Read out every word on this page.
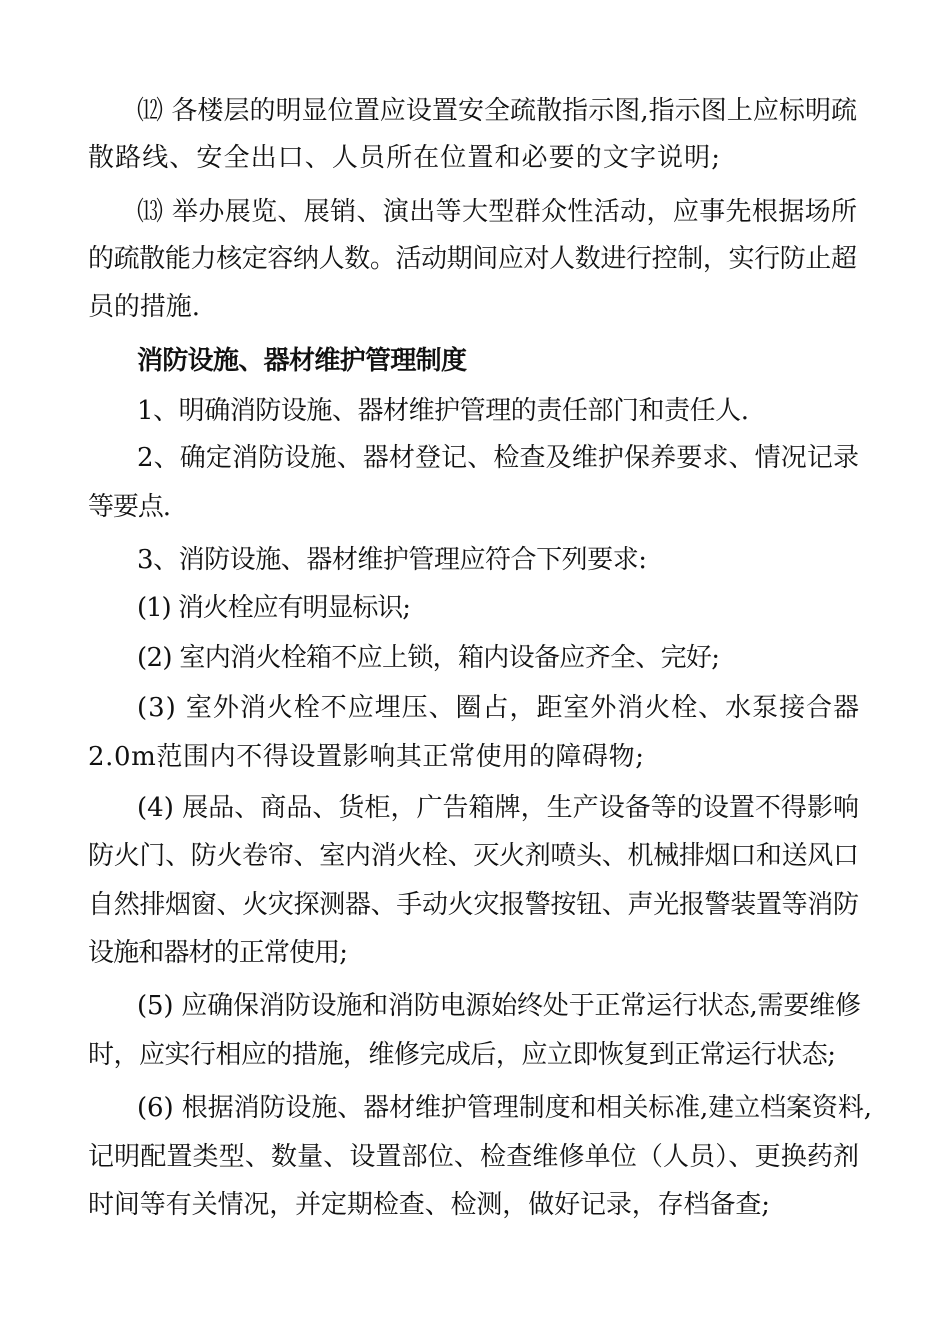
⑿ 各楼层的明显位置应设置安全疏散指示图,指示图上应标明疏
散路线、安全出口、人员所在位置和必要的文字说明;
⒀ 举办展览、展销、演出等大型群众性活动，应事先根据场所
的疏散能力核定容纳人数。活动期间应对人数进行控制，实行防止超
员的措施.
消防设施、器材维护管理制度
1、明确消防设施、器材维护管理的责任部门和责任人.
2、确定消防设施、器材登记、检查及维护保养要求、情况记录
等要点.
3、消防设施、器材维护管理应符合下列要求:
(1) 消火栓应有明显标识;
(2) 室内消火栓箱不应上锁，箱内设备应齐全、完好;
(3) 室外消火栓不应埋压、圈占，距室外消火栓、水泵接合器
2.0m范围内不得设置影响其正常使用的障碍物;
(4) 展品、商品、货柜，广告箱牌，生产设备等的设置不得影响
防火门、防火卷帘、室内消火栓、灭火剂喷头、机械排烟口和送风口
自然排烟窗、火灾探测器、手动火灾报警按钮、声光报警装置等消防
设施和器材的正常使用;
(5) 应确保消防设施和消防电源始终处于正常运行状态,需要维修
时，应实行相应的措施，维修完成后，应立即恢复到正常运行状态;
(6) 根据消防设施、器材维护管理制度和相关标准,建立档案资料,
记明配置类型、数量、设置部位、检查维修单位（人员）、更换药剂
时间等有关情况，并定期检查、检测，做好记录，存档备查;
